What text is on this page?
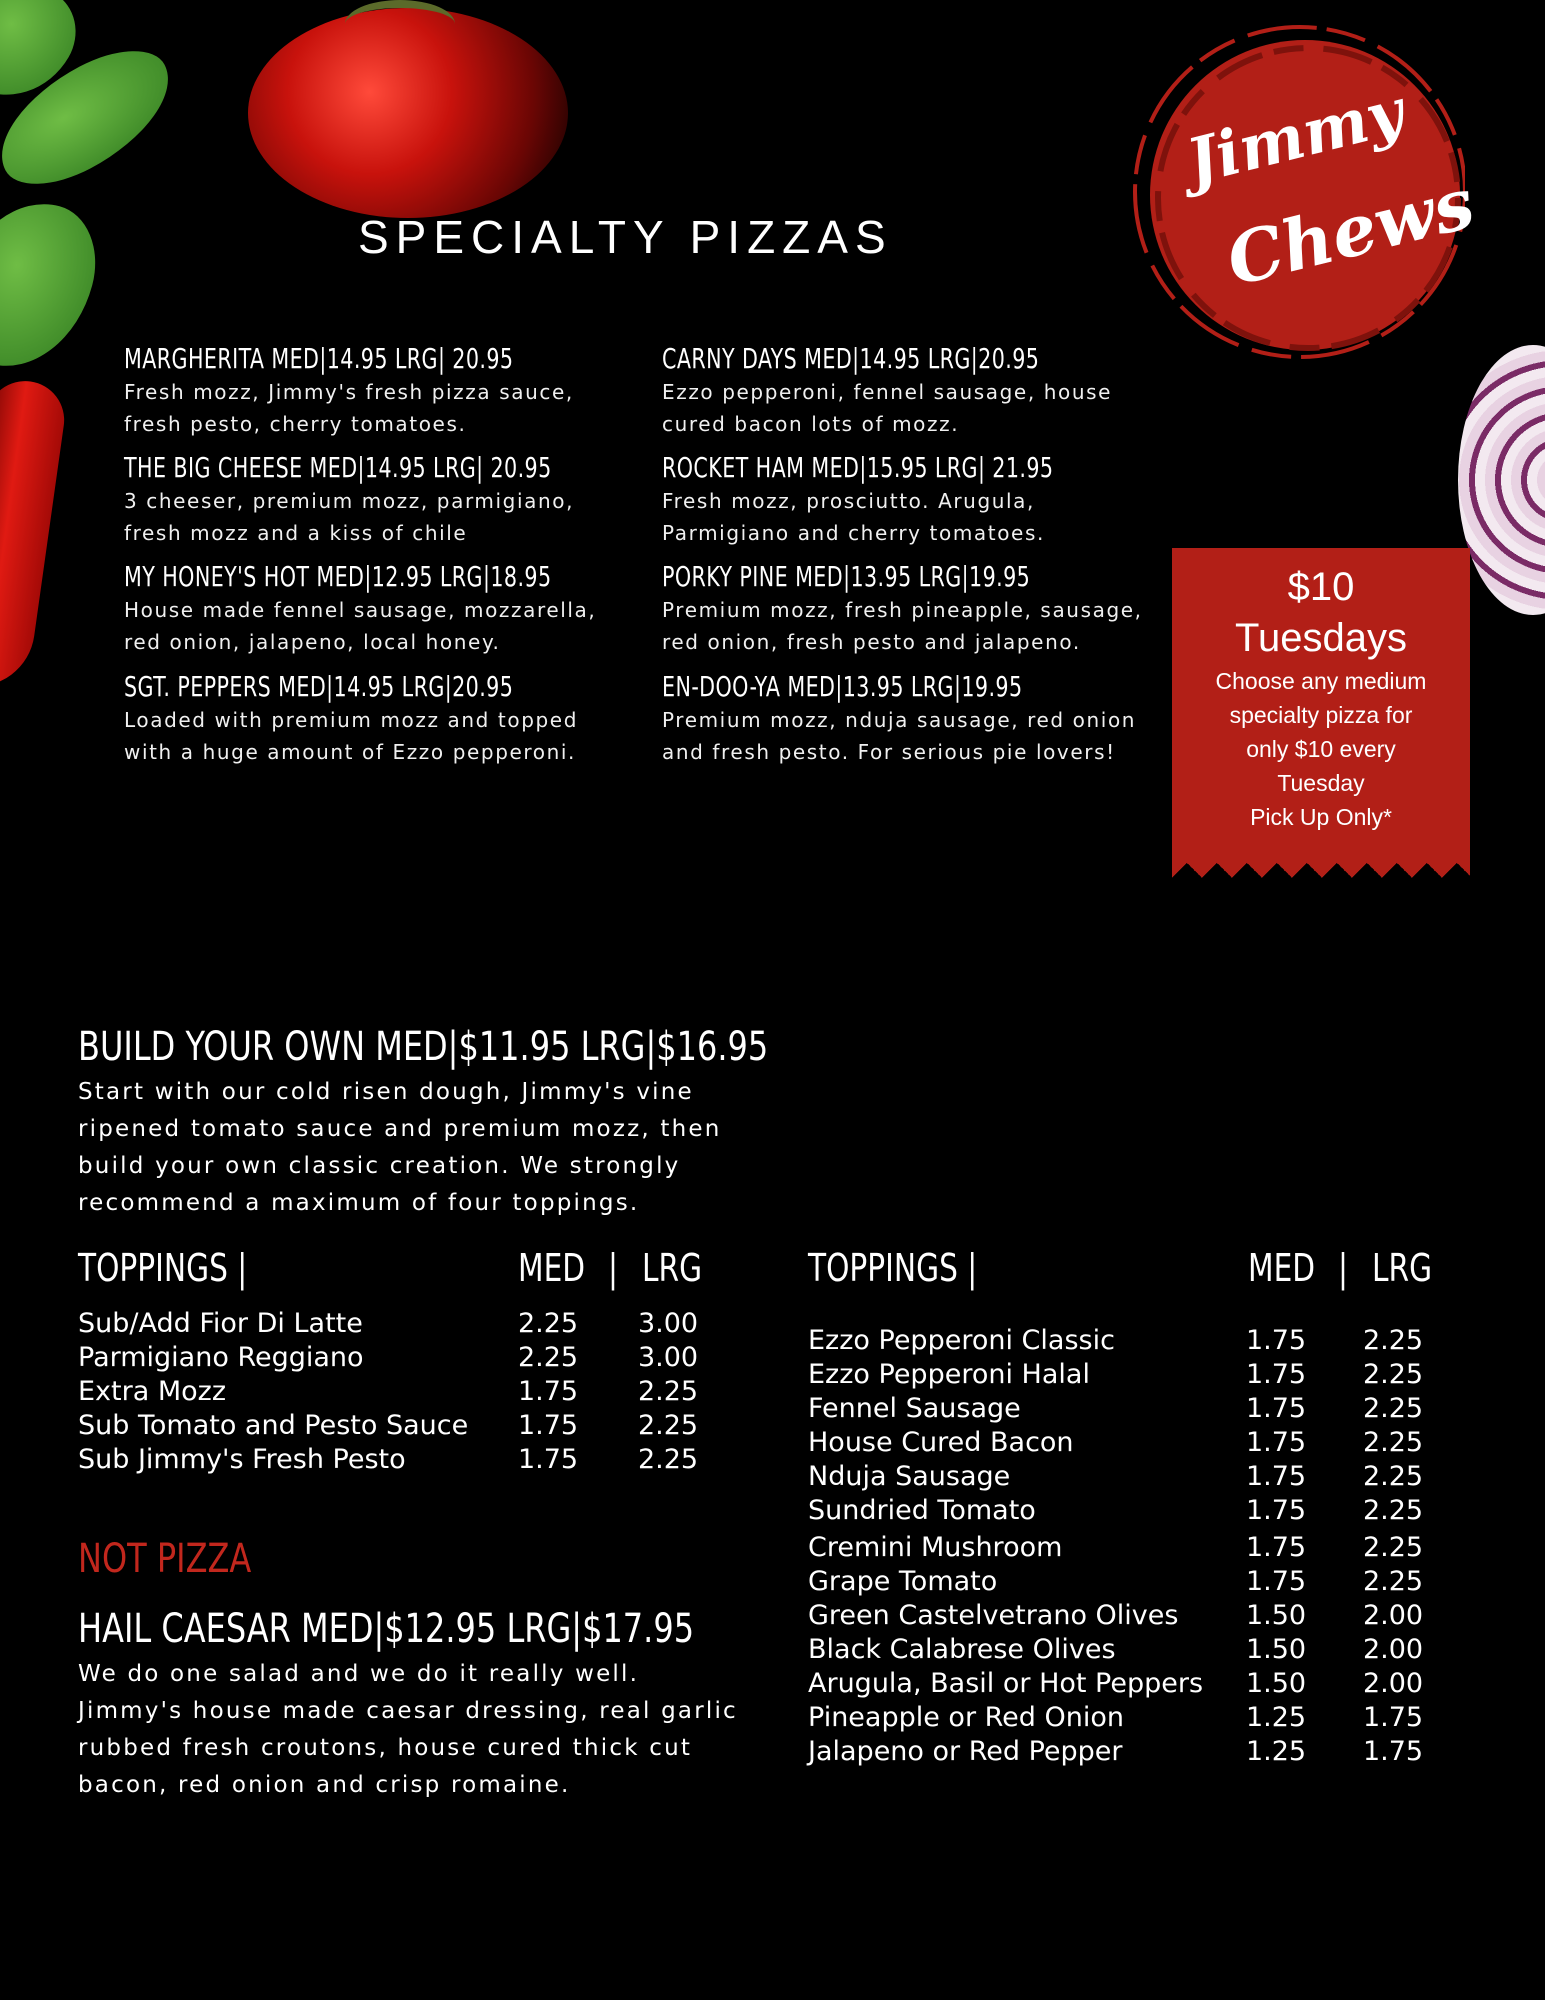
Jimmy
Chews
SPECIALTY PIZZAS
MARGHERITA MED|14.95 LRG| 20.95
Fresh mozz, Jimmy's fresh pizza sauce,
fresh pesto, cherry tomatoes.
THE BIG CHEESE MED|14.95 LRG| 20.95
3 cheeser, premium mozz, parmigiano,
fresh mozz and a kiss of chile
MY HONEY'S HOT MED|12.95 LRG|18.95
House made fennel sausage, mozzarella,
red onion, jalapeno, local honey.
SGT. PEPPERS MED|14.95 LRG|20.95
Loaded with premium mozz and topped
with a huge amount of Ezzo pepperoni.
CARNY DAYS MED|14.95 LRG|20.95
Ezzo pepperoni, fennel sausage, house
cured bacon lots of mozz.
ROCKET HAM MED|15.95 LRG| 21.95
Fresh mozz, prosciutto. Arugula,
Parmigiano and cherry tomatoes.
PORKY PINE MED|13.95 LRG|19.95
Premium mozz, fresh pineapple, sausage,
red onion, fresh pesto and jalapeno.
EN-DOO-YA MED|13.95 LRG|19.95
Premium mozz, nduja sausage, red onion
and fresh pesto. For serious pie lovers!
$10
Tuesdays
Choose any medium
specialty pizza for
only $10 every
Tuesday
Pick Up Only*
BUILD YOUR OWN MED|$11.95 LRG|$16.95
Start with our cold risen dough, Jimmy's vine
ripened tomato sauce and premium mozz, then
build your own classic creation. We strongly
recommend a maximum of four toppings.
TOPPINGS |	MED | LRG
Sub/Add Fior Di Latte	2.25	3.00
Parmigiano Reggiano	2.25	3.00
Extra Mozz	1.75	2.25
Sub Tomato and Pesto Sauce	1.75	2.25
Sub Jimmy's Fresh Pesto	1.75	2.25
NOT PIZZA
HAIL CAESAR MED|$12.95 LRG|$17.95
We do one salad and we do it really well.
Jimmy's house made caesar dressing, real garlic
rubbed fresh croutons, house cured thick cut
bacon, red onion and crisp romaine.
TOPPINGS |	MED | LRG
Ezzo Pepperoni Classic	1.75	2.25
Ezzo Pepperoni Halal	1.75	2.25
Fennel Sausage	1.75	2.25
House Cured Bacon	1.75	2.25
Nduja Sausage	1.75	2.25
Sundried Tomato	1.75	2.25
Cremini Mushroom	1.75	2.25
Grape Tomato	1.75	2.25
Green Castelvetrano Olives	1.50	2.00
Black Calabrese Olives	1.50	2.00
Arugula, Basil or Hot Peppers	1.50	2.00
Pineapple or Red Onion	1.25	1.75
Jalapeno or Red Pepper	1.25	1.75
